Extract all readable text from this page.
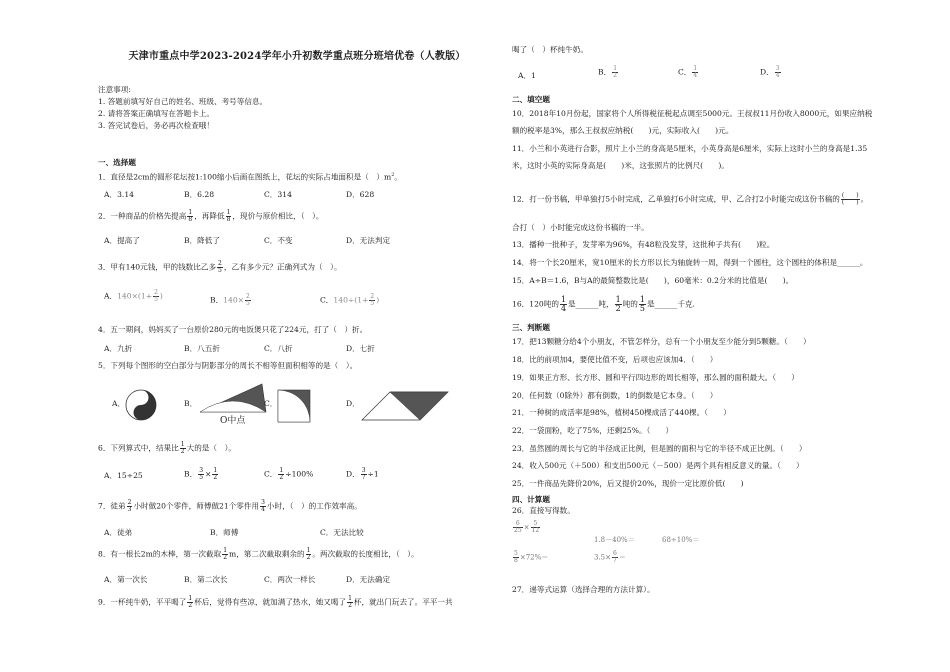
天津市重点中学2023-2024学年小升初数学重点班分班培优卷（人教版）
注意事项:
1. 答题前填写好自己的姓名、班级、考号等信息。
2. 请将答案正确填写在答题卡上。
3. 答完试卷后，务必再次检查哦！
一、选择题
1．直径是2cm的圆形花坛按1:100缩小后画在图纸上，花坛的实际占地面积是（　）$m^2$。
A．3.14	B．6.28	C．314	D．628
2．一种商品的价格先提高 $\frac{1}{8}$ ，再降低 $\frac{1}{8}$ ，现价与原价相比，（　）。
A．提高了	B．降低了	C．不变	D．无法判定
3．甲有140元钱，甲的钱数比乙多 $\frac{2}{5}$ ，乙有多少元？正确列式为（　）。
A．$140\times(1+ \frac{2}{5}$ )	B．$140\times \frac{2}{5}$	C．$140\div(1+ \frac{2}{5}$ )
4．五一期间，妈妈买了一台原价280元的电饭煲只花了224元，打了（　）折。
A．九折	B．八五折	C．八折	D．七折
5．下列每个图形的空白部分与阴影部分的周长不相等但面积相等的是（　）。
A．	B．
O中点
C．	D．
6．下列算式中，结果比 $\frac{1}{2}$ 大的是（　）。
A．15÷25	B． $\frac{3}{5} \times \frac{1}{2}$	C． $\frac{1}{2} \div 100\%$	D． $\frac{3}{7} \div 1$
7．徒弟 $\frac{2}{3}$ 小时做20个零件，师傅做21个零件用 $\frac{3}{4}$ 小时，（　）的工作效率高。
A．徒弟	B．师傅	C．无法比较
8．有一根长2m的木棒，第一次截取 $\frac{1}{2}$ m，第二次截取剩余的 $\frac{1}{2}$ 。两次截取的长度相比，（　）。
A．第一次长	B．第二次长	C．两次一样长	D．无法确定
9．一杯纯牛奶，平平喝了 $\frac{1}{2}$ 杯后，觉得有些凉，就加满了热水，她又喝了 $\frac{1}{2}$ 杯，就出门玩去了。平平一共
喝了（　）杯纯牛奶。
A．1	B． $\frac{1}{2}$	C． $\frac{1}{4}$	D． $\frac{3}{4}$
二、填空题
10．2018年10月份起，国家将个人所得税征税起点调至5000元。王叔叔11月份收入8000元，如果应纳税
额的税率是3%，那么王叔叔应纳税(　　)元，实际收入(　　)元。
11．小兰和小英进行合影，照片上小兰的身高是5厘米，小英身高是6厘米，实际上这时小兰的身高是1.35
米，这时小英的实际身高是(　　)米，这张照片的比例尺(　　)。
12．打一份书稿，甲单独打5小时完成，乙单独打6小时完成，甲、乙合打2小时能完成这份书稿的 $\frac{( )}{( )}$ 。
合打（　）小时能完成这份书稿的一半。
13．播种一批种子，发芽率为96%，有48粒没发芽，这批种子共有(　　)粒。
14．将一个长20厘米，宽10厘米的长方形以长为轴旋转一周，得到一个圆柱，这个圆柱的体积是______。
15．A÷B＝1.6，B与A的最简整数比是(　　)，60毫米：0.2分米的比值是(　　)。
16．120吨的 $\frac{1}{4}$ 是______吨， $\frac{1}{2}$ 吨的 $\frac{1}{5}$ 是______千克.
三、判断题
17．把13颗糖分给4个小朋友，不管怎样分，总有一个小朋友至少能分到5颗糖。（　　）
18．比的前项加4，要使比值不变，后项也应该加4．（　　）
19．如果正方形、长方形、圆和平行四边形的周长相等，那么圆的面积最大。（　　）
20．任何数（0除外）都有倒数，1的倒数是它本身。（　　）
21．一种树的成活率是98%，植树450棵成活了440棵。（　　）
22．一袋面粉，吃了75%，还剩25%。（　　）
23．虽然圆的周长与它的半径成正比例，但是圆的面积与它的半径不成正比例。（　　）
24．收入500元（＋500）和支出500元（－500）是两个具有相反意义的量。（　　）
25．一件商品先降价20%，后又提价20%，现价一定比原价低(　　)
四、计算题
26．直接写得数。
$\frac{6}{25} \times \frac{5}{12}$
1.8－40%＝	68÷10%＝
$\frac{5}{8} \times 72\%=$	$3.5\times \frac{6}{7}$ ＝
27．递等式运算（选择合理的方法计算）。
